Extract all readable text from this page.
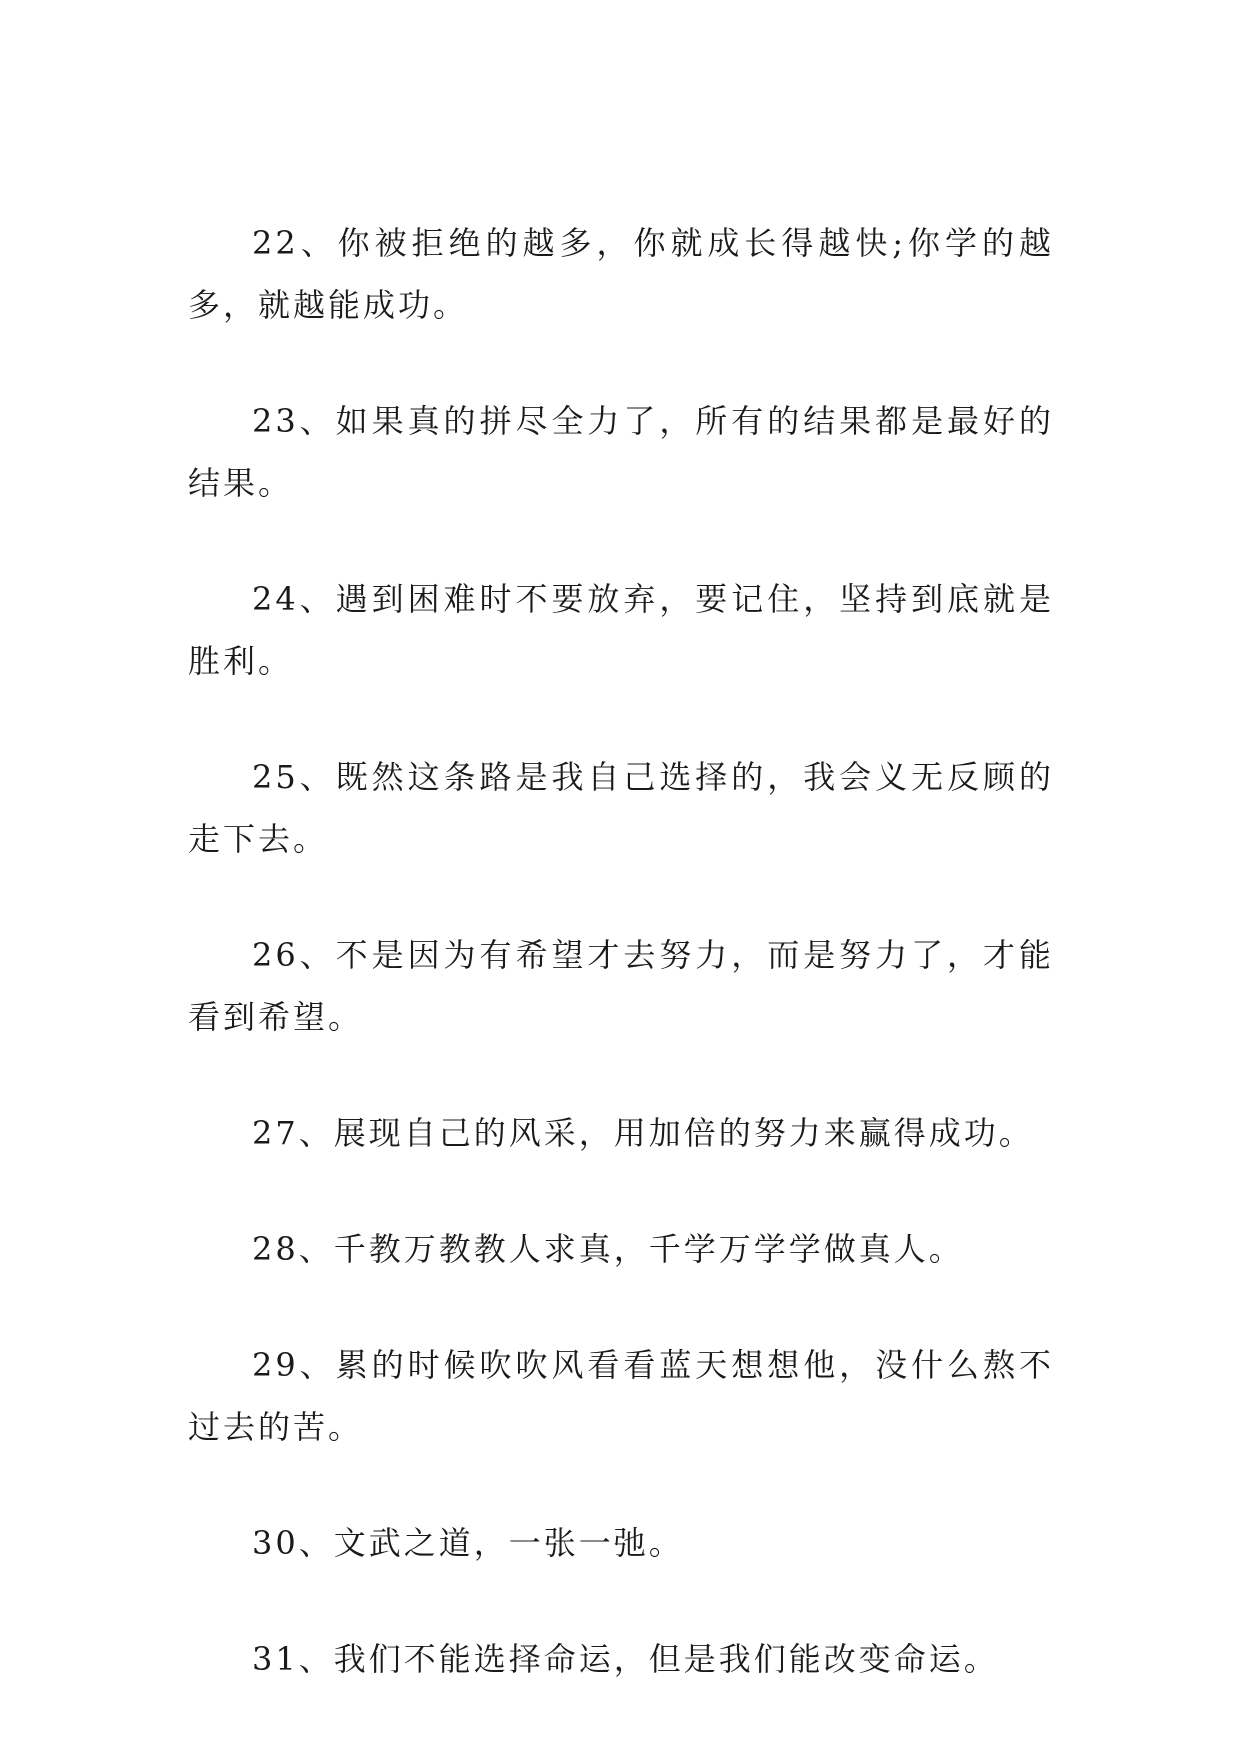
22、你被拒绝的越多，你就成长得越快;你学的越多，就越能成功。

23、如果真的拼尽全力了，所有的结果都是最好的结果。

24、遇到困难时不要放弃，要记住，坚持到底就是胜利。

25、既然这条路是我自己选择的，我会义无反顾的走下去。

26、不是因为有希望才去努力，而是努力了，才能看到希望。

27、展现自己的风采，用加倍的努力来赢得成功。

28、千教万教教人求真，千学万学学做真人。

29、累的时候吹吹风看看蓝天想想他，没什么熬不过去的苦。

30、文武之道，一张一弛。

31、我们不能选择命运，但是我们能改变命运。
